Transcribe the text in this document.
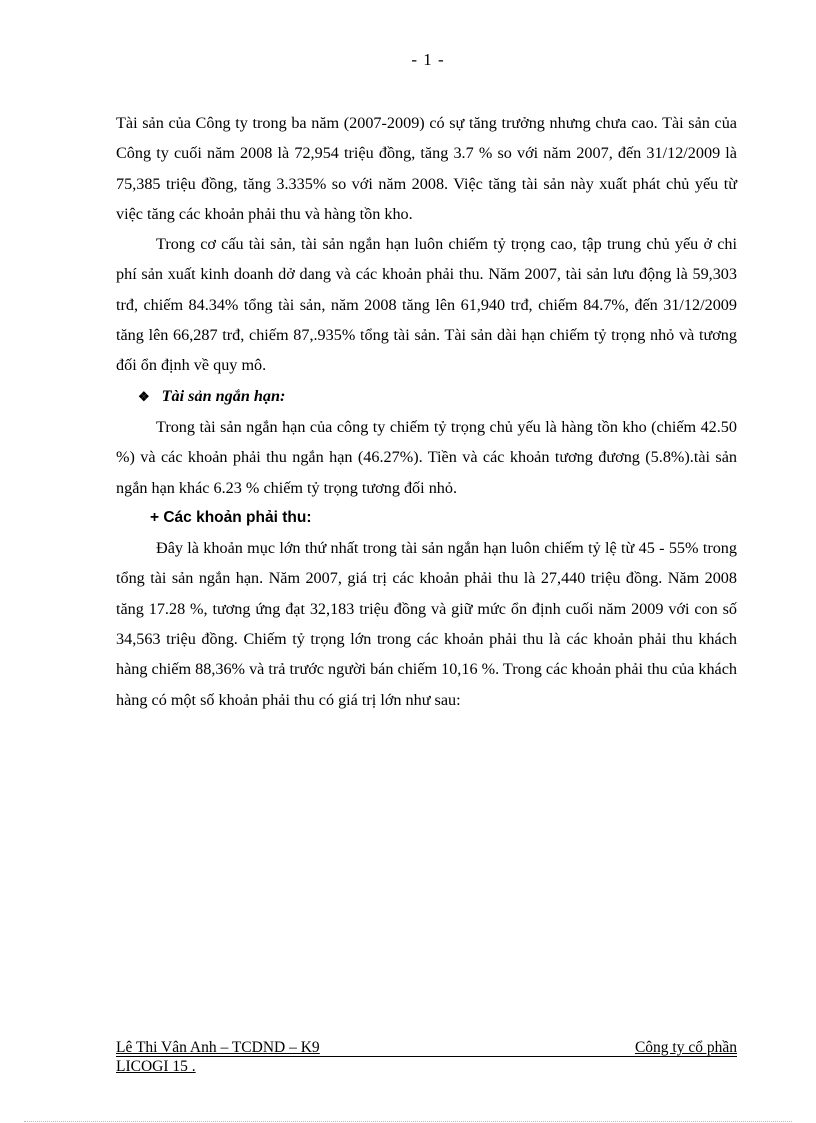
- 1 -

Tài sản của Công ty trong ba năm (2007-2009) có sự tăng trưởng nhưng chưa cao. Tài sản của Công ty cuối năm 2008 là 72,954 triệu đồng, tăng 3.7 % so với năm 2007, đến 31/12/2009 là 75,385 triệu đồng, tăng 3.335% so với năm 2008. Việc tăng tài sản này xuất phát chủ yếu từ việc tăng các khoản phải thu và hàng tồn kho.

Trong cơ cấu tài sản, tài sản ngắn hạn luôn chiếm tỷ trọng cao, tập trung chủ yếu ở chi phí sản xuất kinh doanh dở dang và các khoản phải thu. Năm 2007, tài sản lưu động là 59,303 trđ, chiếm 84.34% tổng tài sản, năm 2008 tăng lên 61,940 trđ, chiếm 84.7%, đến 31/12/2009 tăng lên 66,287 trđ, chiếm 87,.935% tổng tài sản. Tài sản dài hạn chiếm tỷ trọng nhỏ và tương đối ổn định về quy mô.

❖ Tài sản ngắn hạn:

Trong tài sản ngắn hạn của công ty chiếm tỷ trọng chủ yếu là hàng tồn kho (chiếm 42.50 %) và các khoản phải thu ngắn hạn (46.27%). Tiền và các khoản tương đương (5.8%).tài sản ngắn hạn khác 6.23 % chiếm tỷ trọng tương đối nhỏ.

+ Các khoản phải thu:

Đây là khoản mục lớn thứ nhất trong tài sản ngắn hạn luôn chiếm tỷ lệ từ 45 - 55% trong tổng tài sản ngắn hạn. Năm 2007, giá trị các khoản phải thu là 27,440 triệu đồng. Năm 2008 tăng 17.28 %, tương ứng đạt 32,183 triệu đồng và giữ mức ổn định cuối năm 2009 với con số 34,563 triệu đồng. Chiếm tỷ trọng lớn trong các khoản phải thu là các khoản phải thu khách hàng chiếm 88,36% và trả trước người bán chiếm 10,16 %. Trong các khoản phải thu của khách hàng có một số khoản phải thu có giá trị lớn như sau:

Lê Thi Vân Anh – TCDND – K9	Công ty cổ phần
LICOGI 15 .
